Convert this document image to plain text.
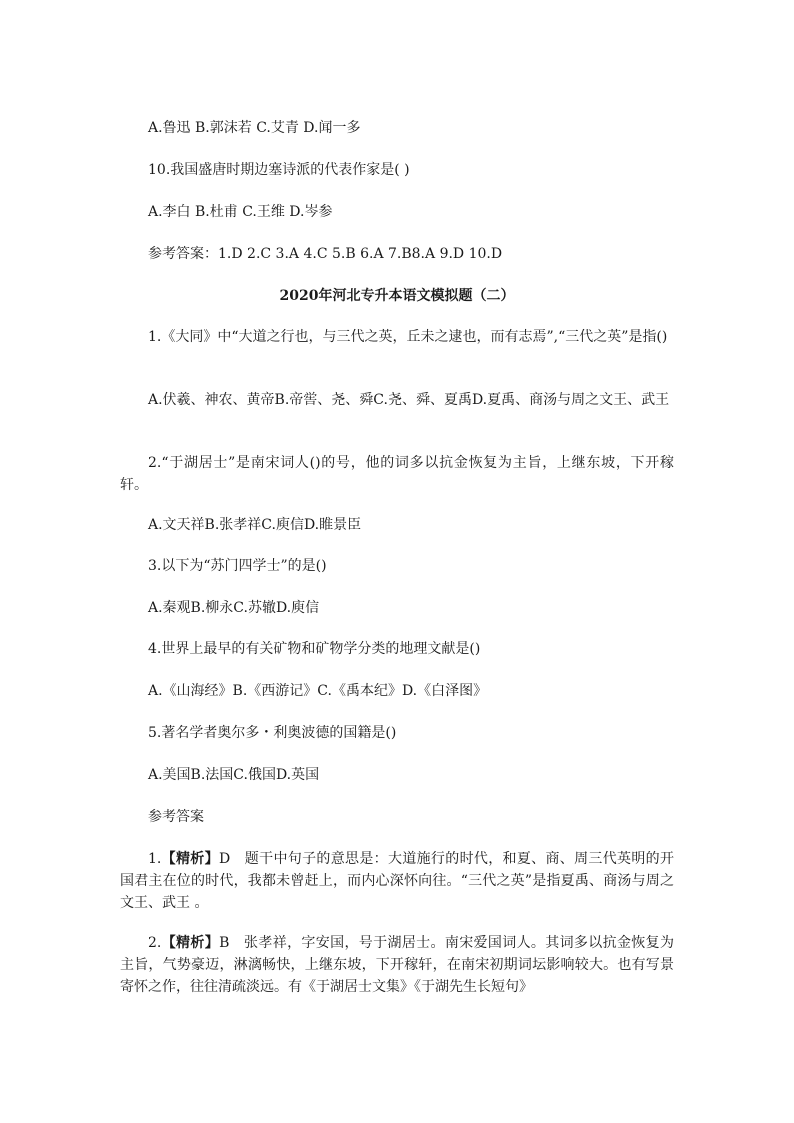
A.鲁迅 B.郭沫若 C.艾青 D.闻一多

10.我国盛唐时期边塞诗派的代表作家是( )

A.李白 B.杜甫 C.王维 D.岑参

参考答案：1.D 2.C 3.A 4.C 5.B 6.A 7.B8.A 9.D 10.D

2020年河北专升本语文模拟题（二）

1.《大同》中“大道之行也，与三代之英，丘未之逮也，而有志焉”,“三代之英”是指()

A.伏羲、神农、黄帝B.帝喾、尧、舜C.尧、舜、夏禹D.夏禹、商汤与周之文王、武王

2.“于湖居士”是南宋词人()的号，他的词多以抗金恢复为主旨，上继东坡，下开稼轩。

A.文天祥B.张孝祥C.庾信D.睢景臣

3.以下为“苏门四学士”的是()

A.秦观B.柳永C.苏辙D.庾信

4.世界上最早的有关矿物和矿物学分类的地理文献是()

A.《山海经》B.《西游记》C.《禹本纪》D.《白泽图》

5.著名学者奥尔多・利奥波德的国籍是()

A.美国B.法国C.俄国D.英国

参考答案

1.【精析】D　题干中句子的意思是：大道施行的时代，和夏、商、周三代英明的开国君主在位的时代，我都未曾赶上，而内心深怀向往。“三代之英”是指夏禹、商汤与周之文王、武王 。

2.【精析】B　张孝祥，字安国，号于湖居士。南宋爱国词人。其词多以抗金恢复为主旨，气势豪迈，淋漓畅快，上继东坡，下开稼轩，在南宋初期词坛影响较大。也有写景寄怀之作，往往清疏淡远。有《于湖居士文集》《于湖先生长短句》
